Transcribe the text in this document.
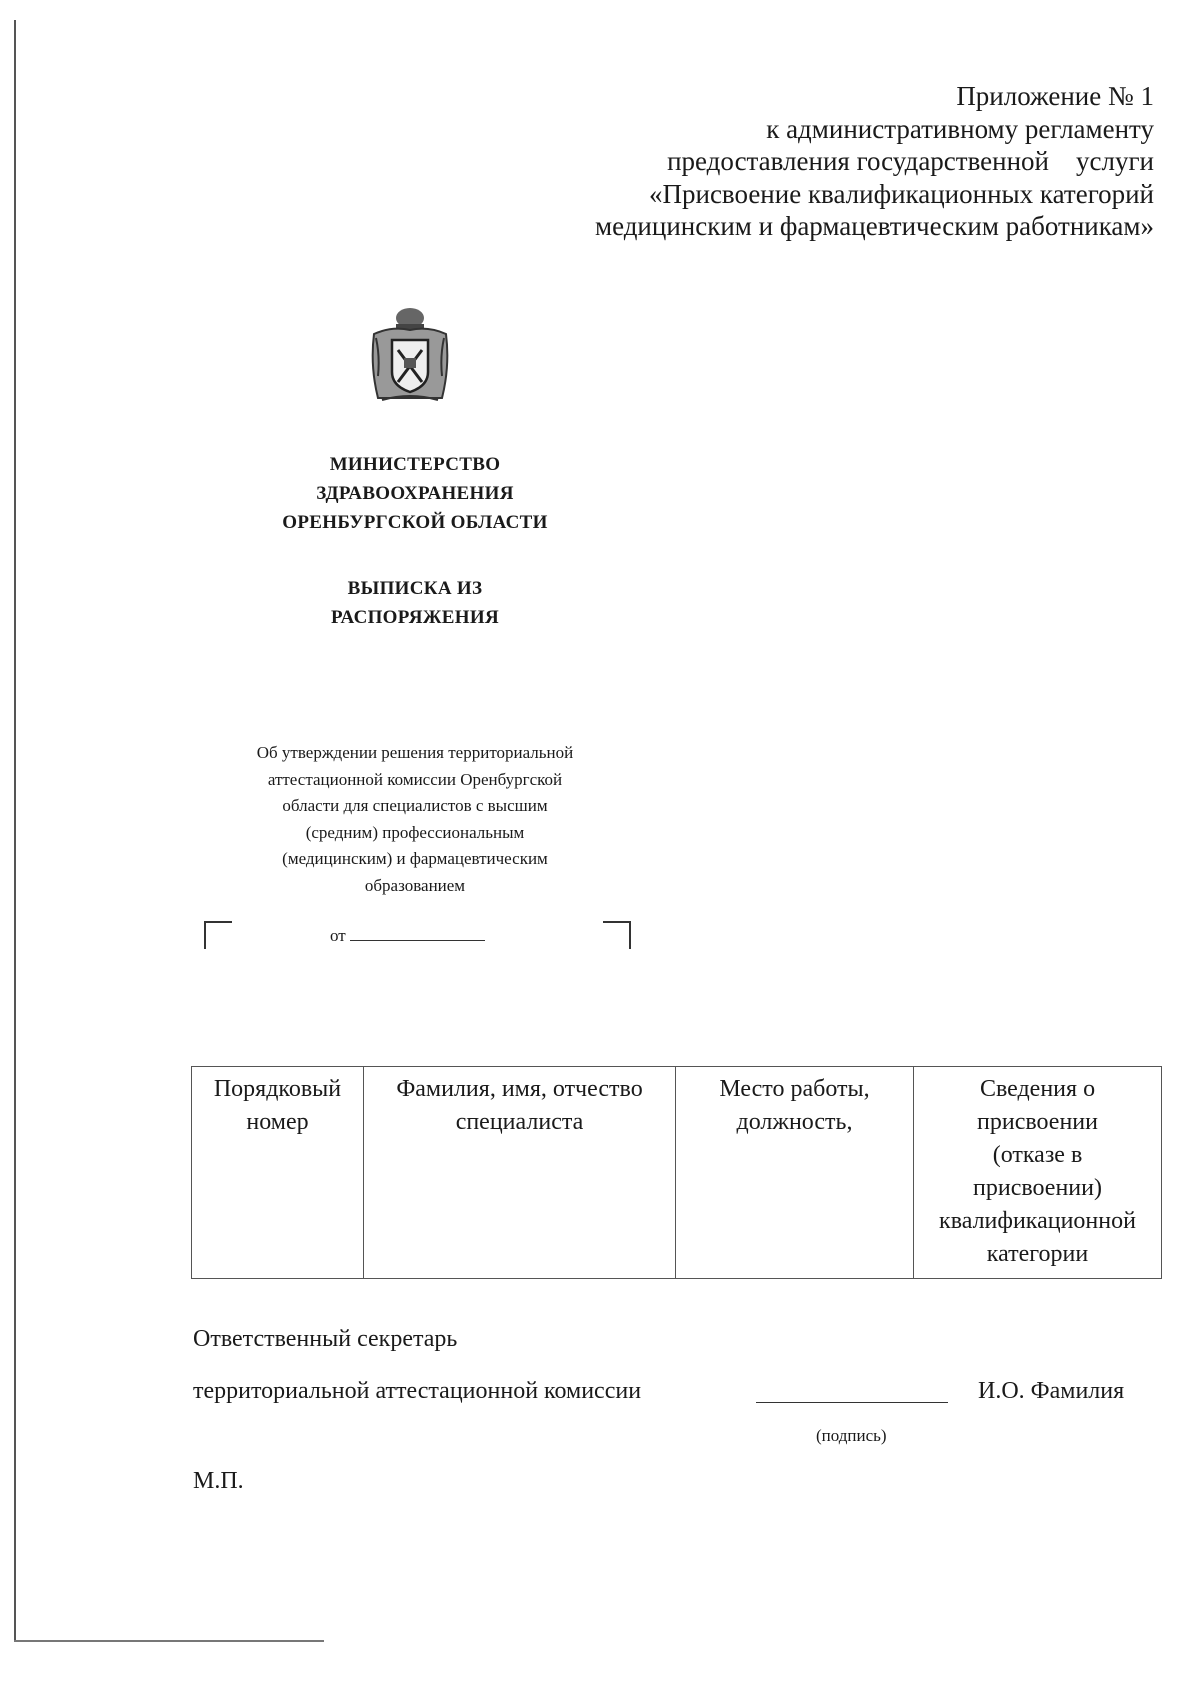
Приложение № 1
к административному регламенту
предоставления государственной    услуги
«Присвоение квалификационных категорий
медицинским и фармацевтическим работникам»
МИНИСТЕРСТВО
ЗДРАВООХРАНЕНИЯ
ОРЕНБУРГСКОЙ ОБЛАСТИ
ВЫПИСКА ИЗ
РАСПОРЯЖЕНИЯ
Об утверждении решения территориальной
аттестационной комиссии Оренбургской
области для специалистов с высшим
(средним) профессиональным
(медицинским) и фармацевтическим
образованием
от
Порядковый
номер
Фамилия, имя, отчество
специалиста
Место работы,
должность,
Сведения о
присвоении
(отказе в
присвоении)
квалификационной
категории
Ответственный секретарь
территориальной аттестационной комиссии	И.О. Фамилия
(подпись)
М.П.
